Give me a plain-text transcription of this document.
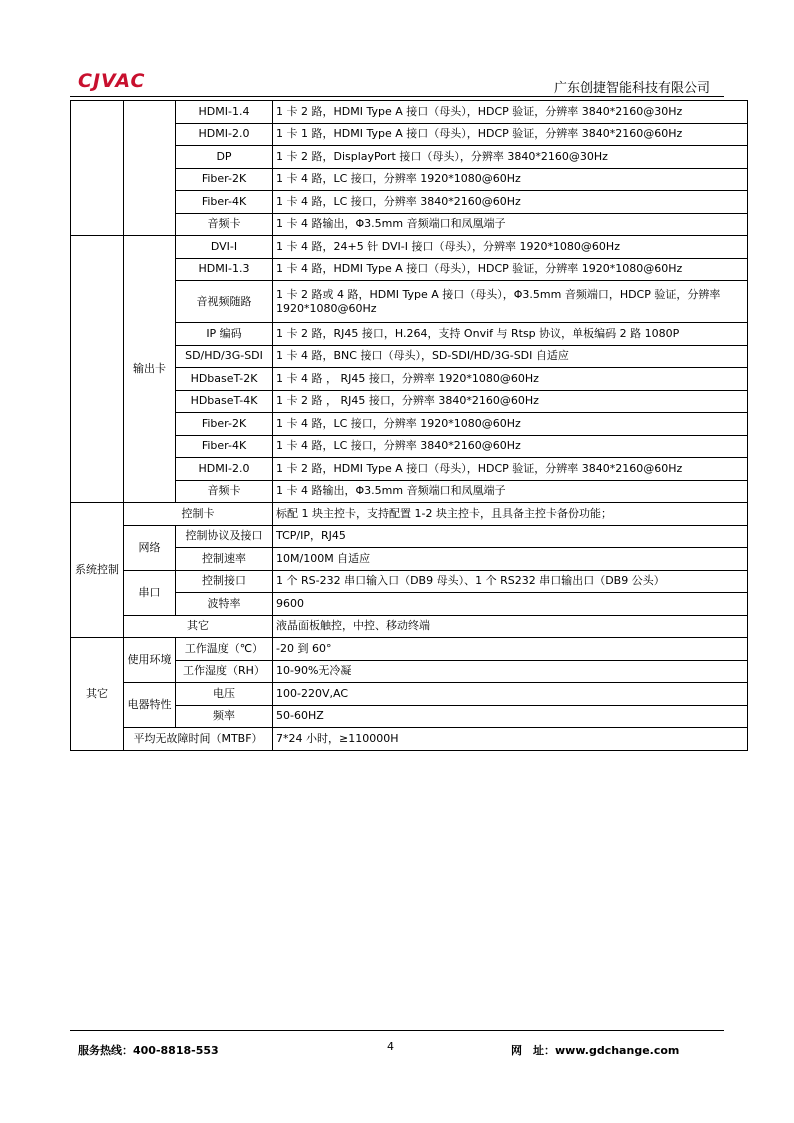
CJVAC	广东创捷智能科技有限公司
		HDMI-1.4	1 卡 2 路，HDMI Type A 接口（母头），HDCP 验证，分辨率 3840*2160@30Hz
		HDMI-2.0	1 卡 1 路，HDMI Type A 接口（母头），HDCP 验证，分辨率 3840*2160@60Hz
		DP	1 卡 2 路，DisplayPort 接口（母头），分辨率 3840*2160@30Hz
		Fiber-2K	1 卡 4 路，LC 接口，分辨率 1920*1080@60Hz
		Fiber-4K	1 卡 4 路，LC 接口，分辨率 3840*2160@60Hz
		音频卡	1 卡 4 路输出，Φ3.5mm 音频端口和凤凰端子
	输出卡	DVI-I	1 卡 4 路，24+5 针 DVI-I 接口（母头），分辨率 1920*1080@60Hz
		HDMI-1.3	1 卡 4 路，HDMI Type A 接口（母头），HDCP 验证，分辨率 1920*1080@60Hz
		音视频随路	1 卡 2 路或 4 路，HDMI Type A 接口（母头），Φ3.5mm 音频端口，HDCP 验证，分辨率 1920*1080@60Hz
		IP 编码	1 卡 2 路，RJ45 接口，H.264，支持 Onvif 与 Rtsp 协议，单板编码 2 路 1080P
		SD/HD/3G-SDI	1 卡 4 路，BNC 接口（母头），SD-SDI/HD/3G-SDI 自适应
		HDbaseT-2K	1 卡 4 路 ， RJ45 接口，分辨率 1920*1080@60Hz
		HDbaseT-4K	1 卡 2 路 ， RJ45 接口，分辨率 3840*2160@60Hz
		Fiber-2K	1 卡 4 路，LC 接口，分辨率 1920*1080@60Hz
		Fiber-4K	1 卡 4 路，LC 接口，分辨率 3840*2160@60Hz
		HDMI-2.0	1 卡 2 路，HDMI Type A 接口（母头），HDCP 验证，分辨率 3840*2160@60Hz
		音频卡	1 卡 4 路输出，Φ3.5mm 音频端口和凤凰端子
系统控制	控制卡		标配 1 块主控卡，支持配置 1-2 块主控卡，且具备主控卡备份功能；
	网络	控制协议及接口	TCP/IP，RJ45
		控制速率	10M/100M 自适应
	串口	控制接口	1 个 RS-232 串口输入口（DB9 母头）、1 个 RS232 串口输出口（DB9 公头）
		波特率	9600
	其它		液晶面板触控，中控、移动终端
其它	使用环境	工作温度（℃）	-20 到 60°
		工作湿度（RH）	10-90%无冷凝
	电器特性	电压	100-220V,AC
		频率	50-60HZ
	平均无故障时间（MTBF）		7*24 小时，≥110000H
服务热线：400-8818-553	4	网　址：www.gdchange.com
